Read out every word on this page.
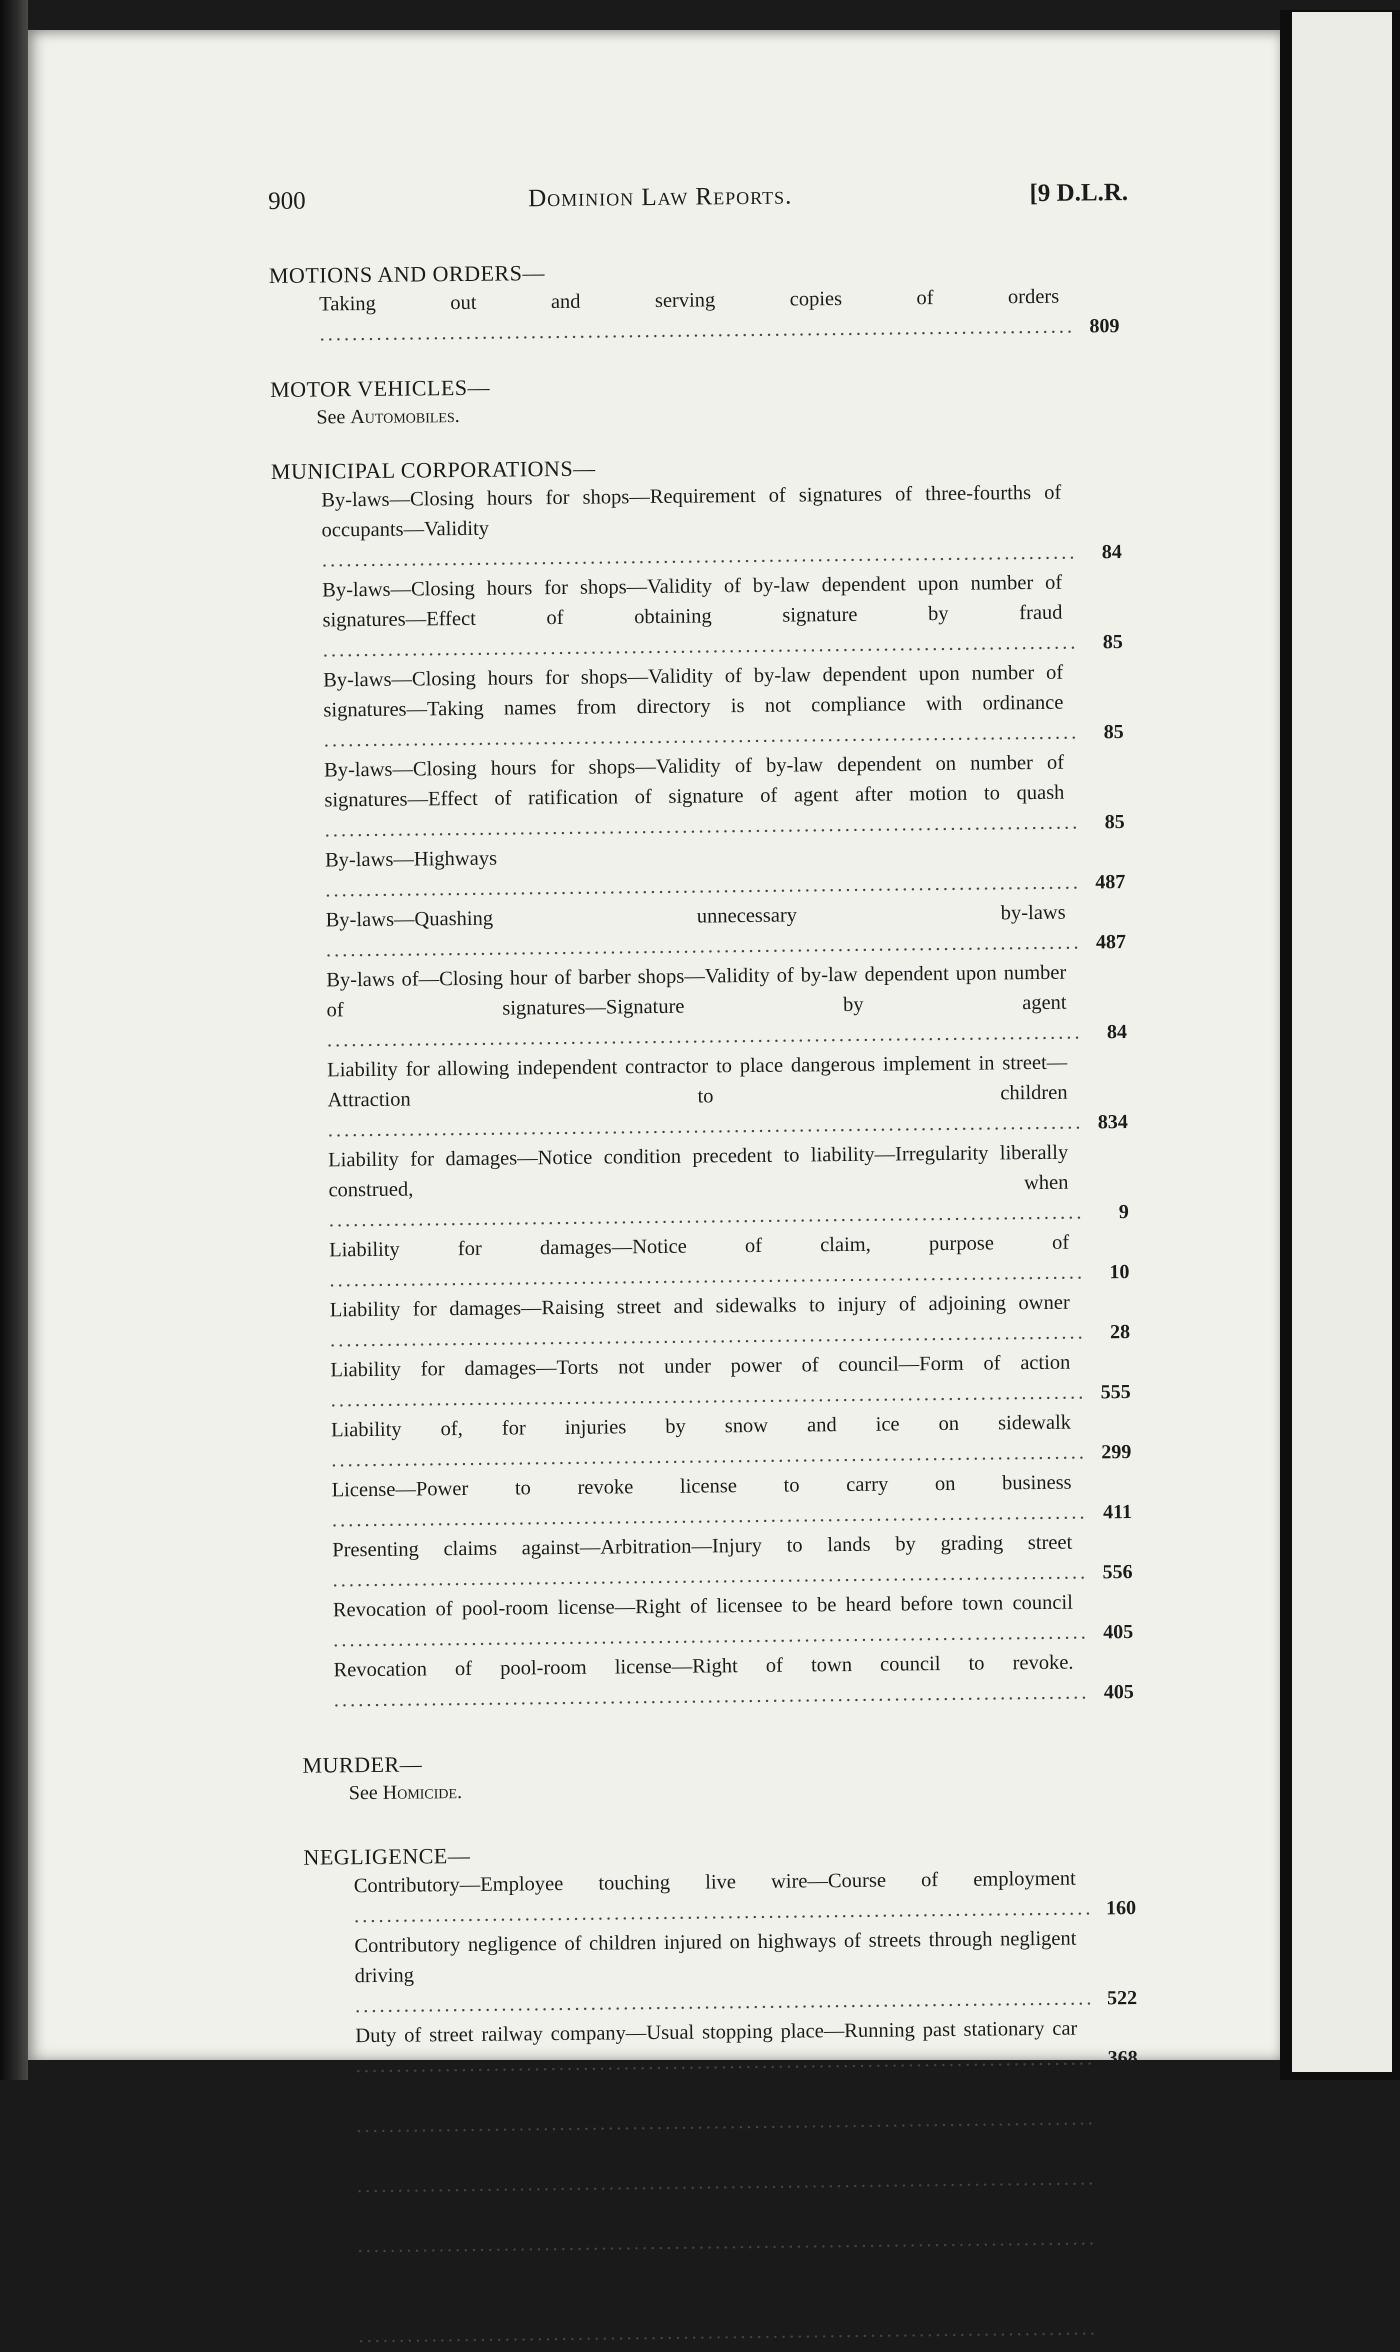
900	Dominion Law Reports.	[9 D.L.R.
MOTIONS AND ORDERS—
Taking out and serving copies of orders ............................................................................................. 809
MOTOR VEHICLES—
See Automobiles.
MUNICIPAL CORPORATIONS—
By-laws—Closing hours for shops—Requirement of signatures of three-fourths of occupants—Validity ............................................................................................. 84
By-laws—Closing hours for shops—Validity of by-law dependent upon number of signatures—Effect of obtaining signature by fraud ............................................................................................. 85
By-laws—Closing hours for shops—Validity of by-law dependent upon number of signatures—Taking names from directory is not compliance with ordinance ............................................................................................. 85
By-laws—Closing hours for shops—Validity of by-law dependent on number of signatures—Effect of ratification of signature of agent after motion to quash ............................................................................................. 85
By-laws—Highways ............................................................................................. 487
By-laws—Quashing unnecessary by-laws ............................................................................................. 487
By-laws of—Closing hour of barber shops—Validity of by-law dependent upon number of signatures—Signature by agent ............................................................................................. 84
Liability for allowing independent contractor to place dangerous implement in street—Attraction to children ............................................................................................. 834
Liability for damages—Notice condition precedent to liability—Irregularity liberally construed, when ............................................................................................. 9
Liability for damages—Notice of claim, purpose of ............................................................................................. 10
Liability for damages—Raising street and sidewalks to injury of adjoining owner ............................................................................................. 28
Liability for damages—Torts not under power of council—Form of action ............................................................................................. 555
Liability of, for injuries by snow and ice on sidewalk ............................................................................................. 299
License—Power to revoke license to carry on business ............................................................................................. 411
Presenting claims against—Arbitration—Injury to lands by grading street ............................................................................................. 556
Revocation of pool-room license—Right of licensee to be heard before town council ............................................................................................. 405
Revocation of pool-room license—Right of town council to revoke. ............................................................................................. 405
MURDER—
See Homicide.
NEGLIGENCE—
Contributory—Employee touching live wire—Course of employment ........................................................................................... 160
Contributory negligence of children injured on highways of streets through negligent driving ........................................................................................... 522
Duty of street railway company—Usual stopping place—Running past stationary car ........................................................................................... 368
Injury caused by automobile—Contributory negligence of children ........................................................................................... 521
Liability of railways to licensee ........................................................................................... 566
Liability of solicitor to client ........................................................................................... 642
Seller of apparatus to be installed—Personal injury to buyer's employee during work of installation ........................................................................................... 772
